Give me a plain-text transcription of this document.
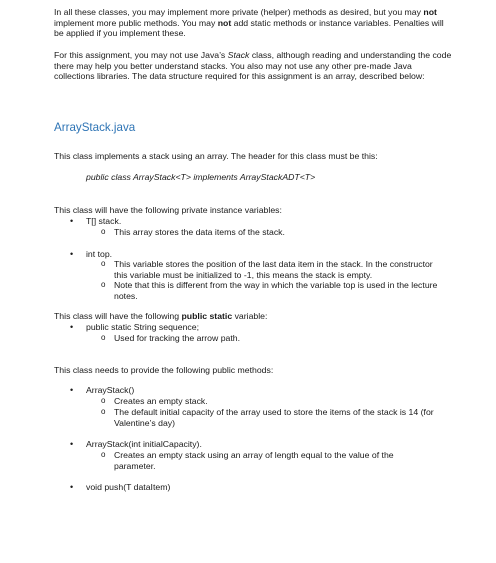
In all these classes, you may implement more private (helper) methods as desired, but you may not implement more public methods. You may not add static methods or instance variables. Penalties will be applied if you implement these.

For this assignment, you may not use Java’s Stack class, although reading and understanding the code there may help you better understand stacks. You also may not use any other pre-made Java collections libraries. The data structure required for this assignment is an array, described below:

ArrayStack.java
This class implements a stack using an array. The header for this class must be this:
public class ArrayStack<T> implements ArrayStackADT<T>
This class will have the following private instance variables:
• T[] stack.
o This array stores the data items of the stack.
• int top.
o This variable stores the position of the last data item in the stack. In the constructor this variable must be initialized to -1, this means the stack is empty.
o Note that this is different from the way in which the variable top is used in the lecture notes.
This class will have the following public static variable:
• public static String sequence;
o Used for tracking the arrow path.
This class needs to provide the following public methods:
• ArrayStack()
o Creates an empty stack.
o The default initial capacity of the array used to store the items of the stack is 14 (for Valentine’s day)
• ArrayStack(int initialCapacity).
o Creates an empty stack using an array of length equal to the value of the parameter.
• void push(T dataItem)
